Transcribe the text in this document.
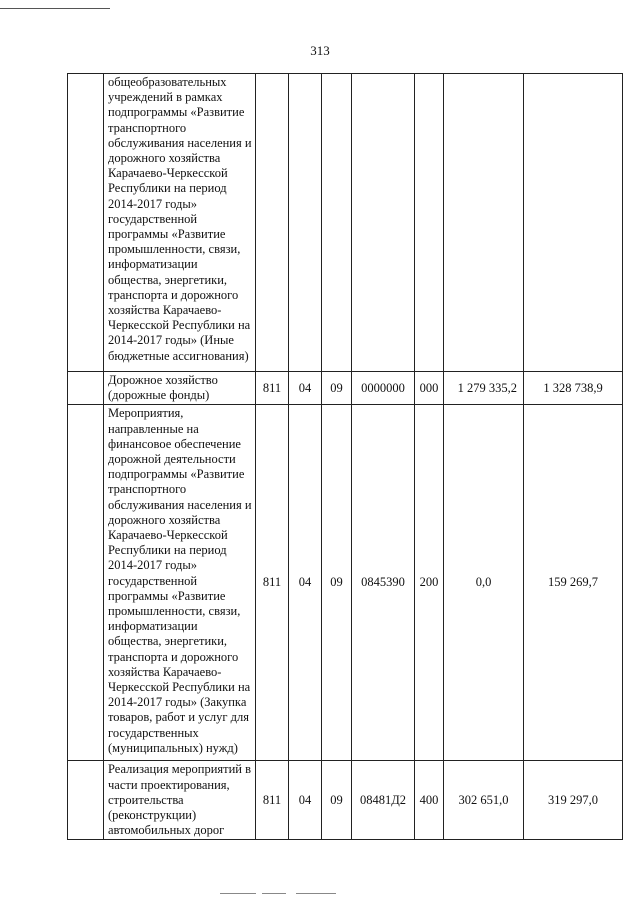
313
	общеобразовательных учреждений в рамках подпрограммы «Развитие транспортного обслуживания населения и дорожного хозяйства Карачаево-Черкесской Республики на период 2014-2017 годы» государственной программы «Развитие промышленности, связи, информатизации общества, энергетики, транспорта и дорожного хозяйства Карачаево-Черкесской Республики на 2014-2017 годы» (Иные бюджетные ассигнования)							
	Дорожное хозяйство (дорожные фонды)	811	04	09	0000000	000	1 279 335,2	1 328 738,9
	Мероприятия, направленные на финансовое обеспечение дорожной деятельности подпрограммы «Развитие транспортного обслуживания населения и дорожного хозяйства Карачаево-Черкесской Республики на период 2014-2017 годы» государственной программы «Развитие промышленности, связи, информатизации общества, энергетики, транспорта и дорожного хозяйства Карачаево-Черкесской Республики на 2014-2017 годы» (Закупка товаров, работ и услуг для государственных (муниципальных) нужд)	811	04	09	0845390	200	0,0	159 269,7
	Реализация мероприятий в части проектирования, строительства (реконструкции) автомобильных дорог	811	04	09	08481Д2	400	302 651,0	319 297,0
